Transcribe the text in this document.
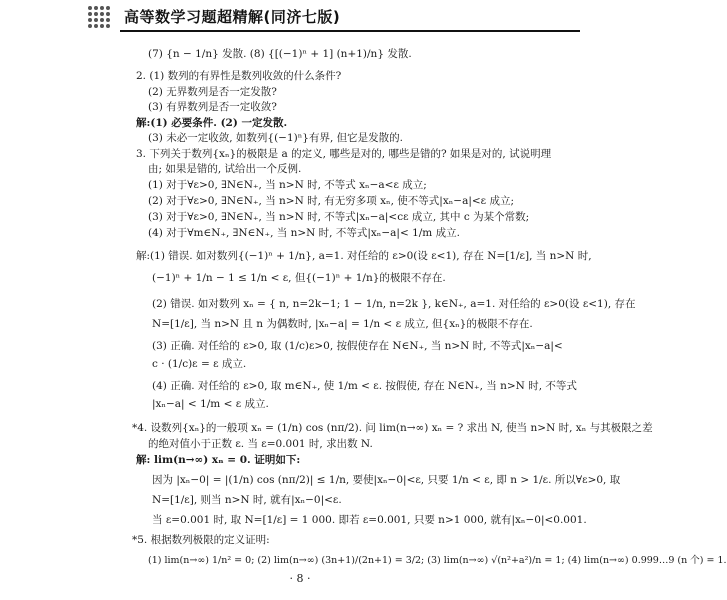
高等数学习题超精解(同济七版)
(7) {n − 1/n} 发散. (8) {[(−1)ⁿ + 1] (n+1)/n} 发散.
2. (1) 数列的有界性是数列收敛的什么条件?
(2) 无界数列是否一定发散?
(3) 有界数列是否一定收敛?
解:(1) 必要条件. (2) 一定发散.
(3) 未必一定收敛, 如数列{(−1)ⁿ}有界, 但它是发散的.
3. 下列关于数列{xₙ}的极限是 a 的定义, 哪些是对的, 哪些是错的? 如果是对的, 试说明理
由; 如果是错的, 试给出一个反例.
(1) 对于∀ε>0, ∃N∈N₊, 当 n>N 时, 不等式 xₙ−a<ε 成立;
(2) 对于∀ε>0, ∃N∈N₊, 当 n>N 时, 有无穷多项 xₙ, 使不等式|xₙ−a|<ε 成立;
(3) 对于∀ε>0, ∃N∈N₊, 当 n>N 时, 不等式|xₙ−a|<cε 成立, 其中 c 为某个常数;
(4) 对于∀m∈N₊, ∃N∈N₊, 当 n>N 时, 不等式|xₙ−a|< 1/m 成立.
解:(1) 错误. 如对数列{(−1)ⁿ + 1/n}, a=1. 对任给的 ε>0(设 ε<1), 存在 N=[1/ε], 当 n>N 时,
(−1)ⁿ + 1/n − 1 ≤ 1/n < ε, 但{(−1)ⁿ + 1/n}的极限不存在.
(2) 错误. 如对数列 xₙ = { n, n=2k−1; 1 − 1/n, n=2k }, k∈N₊, a=1. 对任给的 ε>0(设 ε<1), 存在
N=[1/ε], 当 n>N 且 n 为偶数时, |xₙ−a| = 1/n < ε 成立, 但{xₙ}的极限不存在.
(3) 正确. 对任给的 ε>0, 取 (1/c)ε>0, 按假使存在 N∈N₊, 当 n>N 时, 不等式|xₙ−a|<
c · (1/c)ε = ε 成立.
(4) 正确. 对任给的 ε>0, 取 m∈N₊, 使 1/m < ε. 按假使, 存在 N∈N₊, 当 n>N 时, 不等式
|xₙ−a| < 1/m < ε 成立.
*4. 设数列{xₙ}的一般项 xₙ = (1/n) cos (nπ/2). 问 lim(n→∞) xₙ = ? 求出 N, 使当 n>N 时, xₙ 与其极限之差
的绝对值小于正数 ε. 当 ε=0.001 时, 求出数 N.
解: lim(n→∞) xₙ = 0. 证明如下:
因为 |xₙ−0| = |(1/n) cos (nπ/2)| ≤ 1/n, 要使|xₙ−0|<ε, 只要 1/n < ε, 即 n > 1/ε. 所以∀ε>0, 取
N=[1/ε], 则当 n>N 时, 就有|xₙ−0|<ε.
当 ε=0.001 时, 取 N=[1/ε] = 1 000. 即若 ε=0.001, 只要 n>1 000, 就有|xₙ−0|<0.001.
*5. 根据数列极限的定义证明:
(1) lim(n→∞) 1/n² = 0; (2) lim(n→∞) (3n+1)/(2n+1) = 3/2; (3) lim(n→∞) √(n²+a²)/n = 1; (4) lim(n→∞) 0.999…9 (n 个) = 1.
· 8 ·
